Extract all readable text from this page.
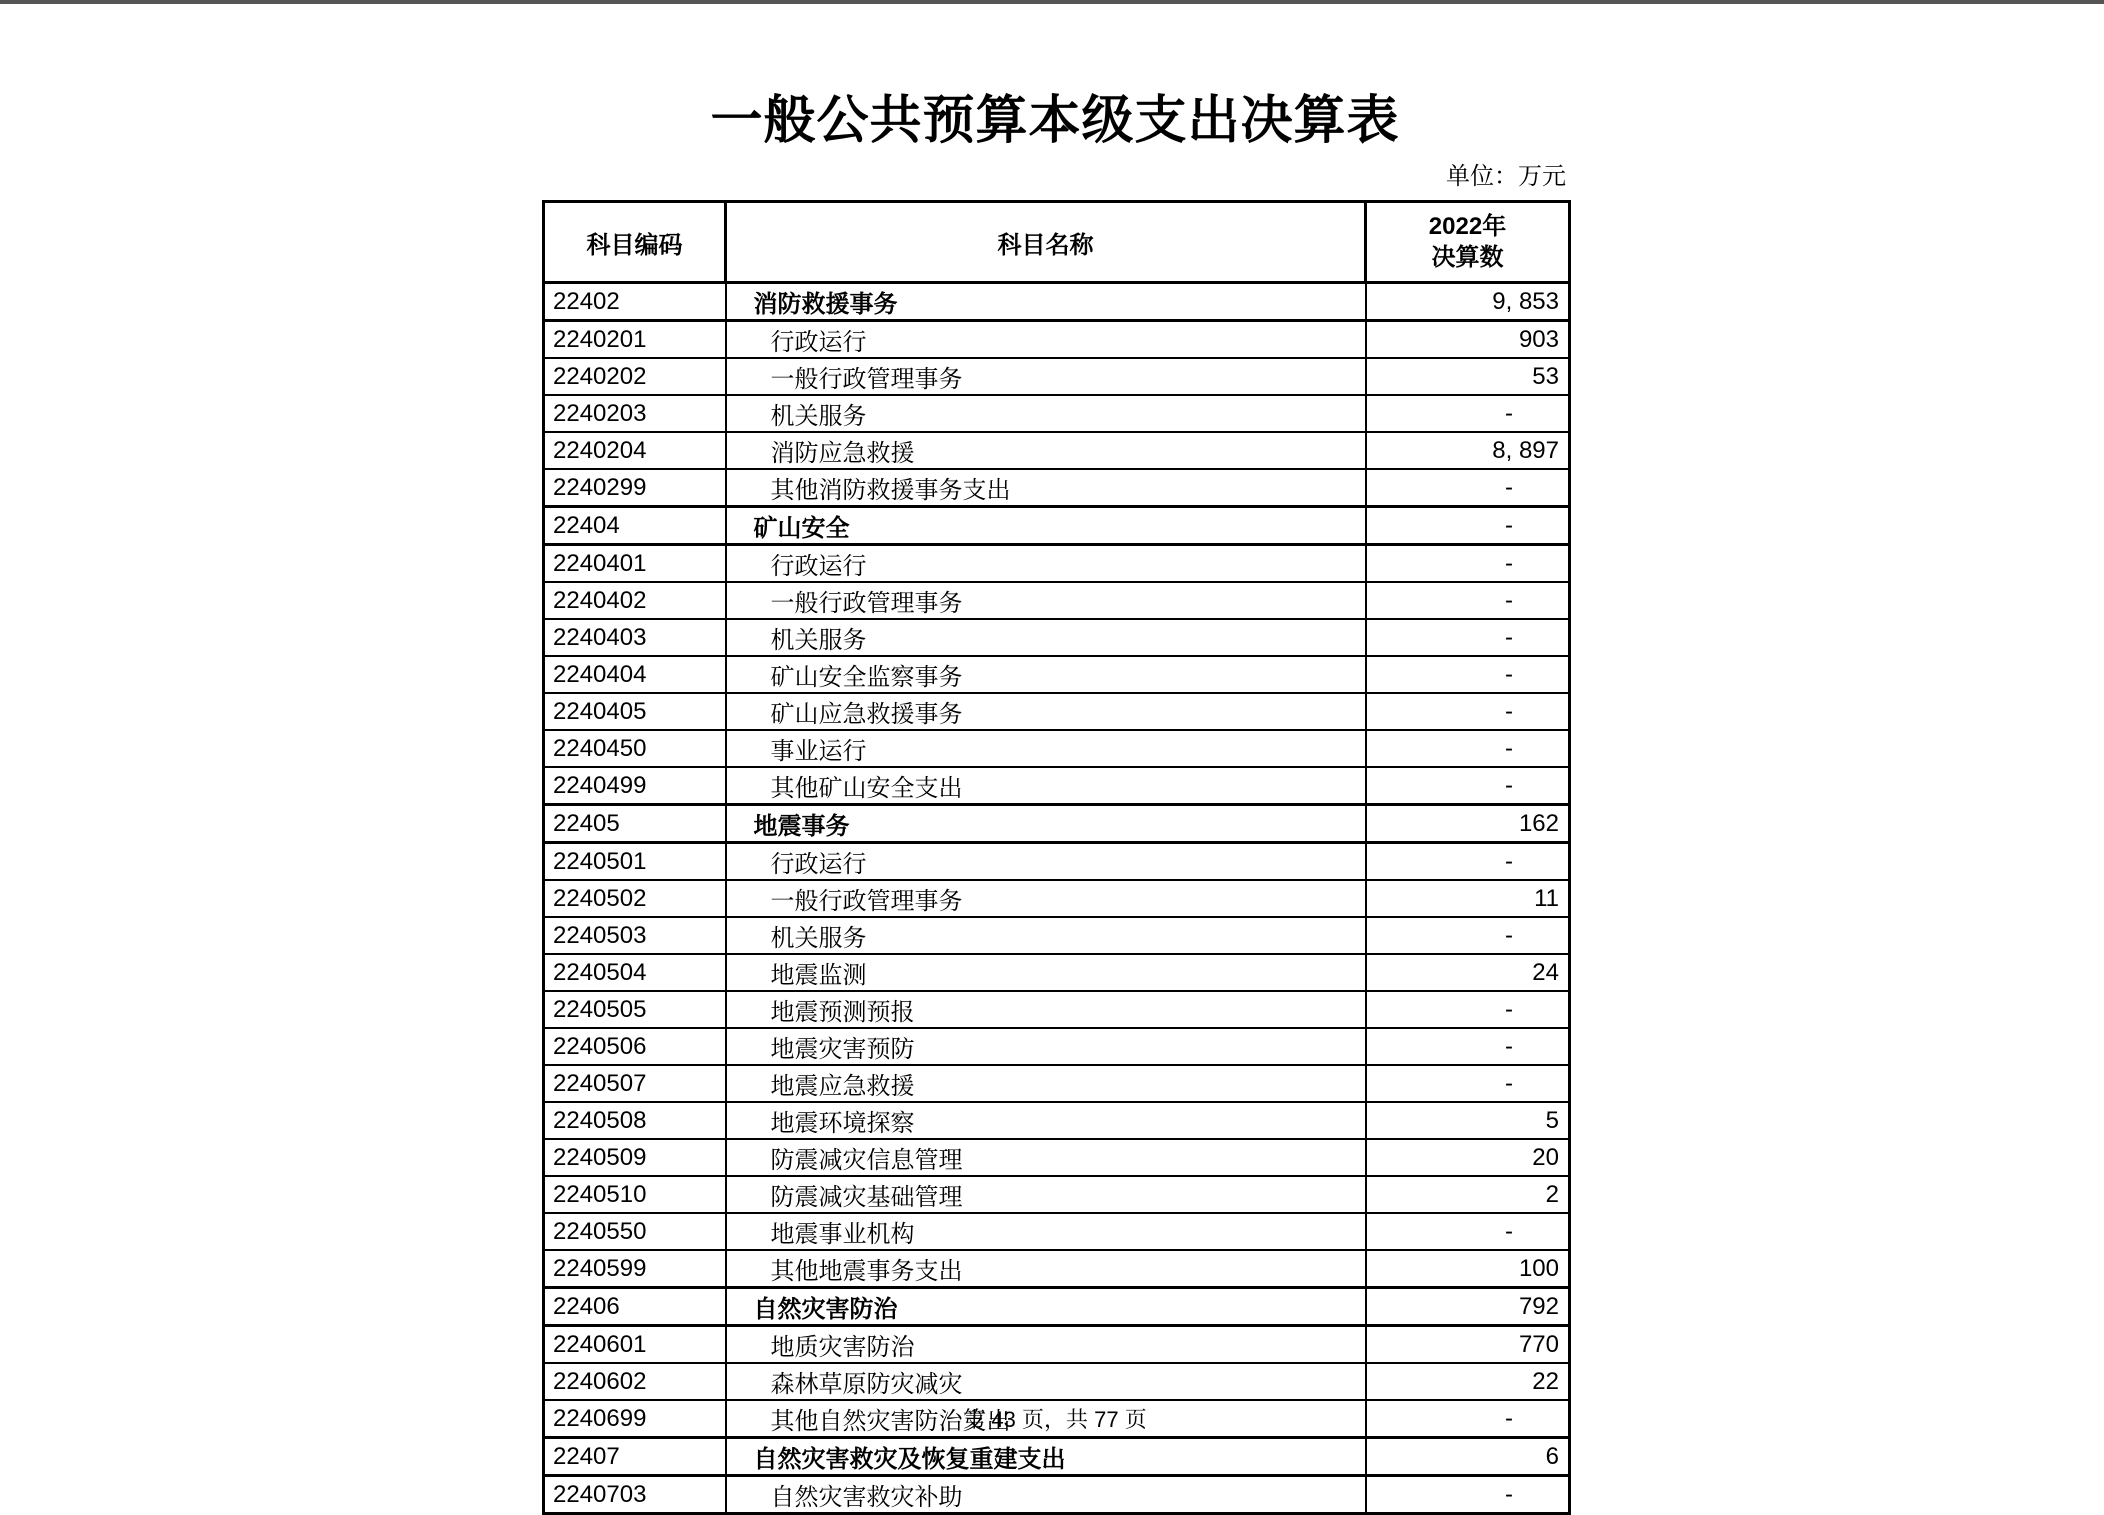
一般公共预算本级支出决算表
单位：万元
科目编码	科目名称	2022年
决算数

22402	消防救援事务	9, 853
2240201	行政运行	903
2240202	一般行政管理事务	53
2240203	机关服务	-
2240204	消防应急救援	8, 897
2240299	其他消防救援事务支出	-
22404	矿山安全	-
2240401	行政运行	-
2240402	一般行政管理事务	-
2240403	机关服务	-
2240404	矿山安全监察事务	-
2240405	矿山应急救援事务	-
2240450	事业运行	-
2240499	其他矿山安全支出	-
22405	地震事务	162
2240501	行政运行	-
2240502	一般行政管理事务	11
2240503	机关服务	-
2240504	地震监测	24
2240505	地震预测预报	-
2240506	地震灾害预防	-
2240507	地震应急救援	-
2240508	地震环境探察	5
2240509	防震减灾信息管理	20
2240510	防震减灾基础管理	2
2240550	地震事业机构	-
2240599	其他地震事务支出	100
22406	自然灾害防治	792
2240601	地质灾害防治	770
2240602	森林草原防灾减灾	22
2240699	其他自然灾害防治支出	-
22407	自然灾害救灾及恢复重建支出	6
2240703	自然灾害救灾补助	-
第 43 页，共 77 页
